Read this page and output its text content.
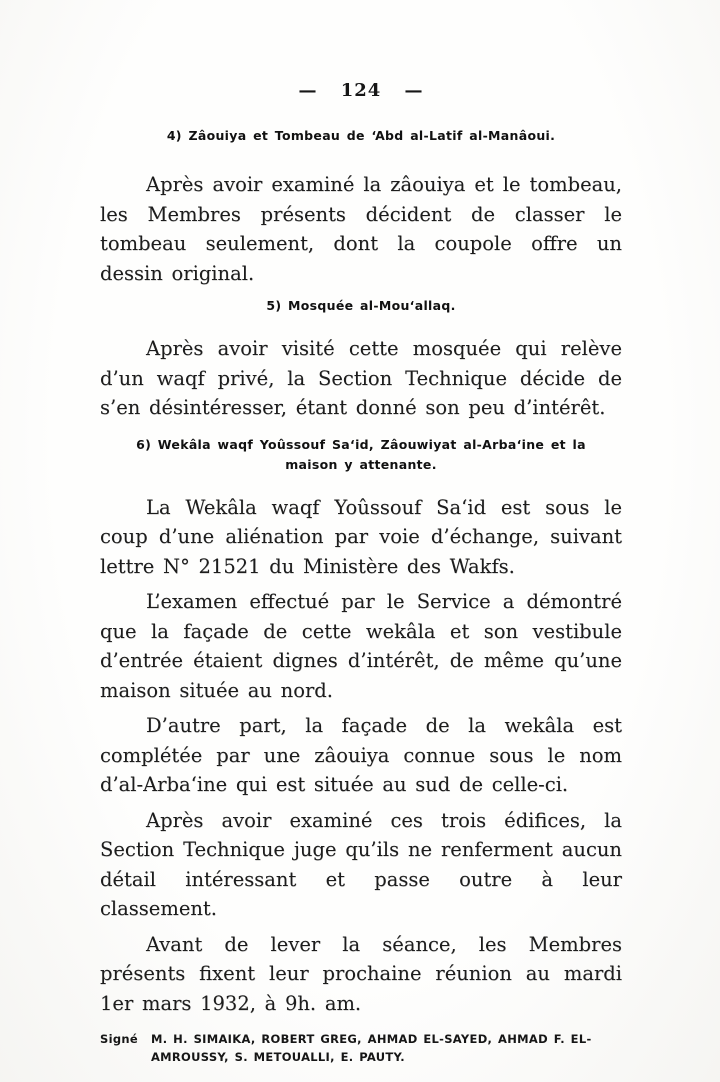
— 124 —
4) Zâouiya et Tombeau de ‘Abd al-Latif al-Manâoui.

Après avoir examiné la zâouiya et le tombeau, les Membres présents décident de classer le tombeau seulement, dont la coupole offre un dessin original.

5) Mosquée al-Mou‘allaq.

Après avoir visité cette mosquée qui relève d’un waqf privé, la Section Technique décide de s’en désintéresser, étant donné son peu d’intérêt.

6) Wekâla waqf Yoûssouf Sa‘id, Zâouwiyat al-Arba‘ine et la maison y attenante.

La Wekâla waqf Yoûssouf Sa‘id est sous le coup d’une aliénation par voie d’échange, suivant lettre N° 21521 du Ministère des Wakfs.

L’examen effectué par le Service a démontré que la façade de cette wekâla et son vestibule d’entrée étaient dignes d’intérêt, de même qu’une maison située au nord.

D’autre part, la façade de la wekâla est complétée par une zâouiya connue sous le nom d’al-Arba‘ine qui est située au sud de celle-ci.

Après avoir examiné ces trois édifices, la Section Technique juge qu’ils ne renferment aucun détail intéressant et passe outre à leur classement.

Avant de lever la séance, les Membres présents fixent leur prochaine réunion au mardi 1er mars 1932, à 9h. am.

Signé M. H. SIMAIKA, ROBERT GREG, AHMAD EL-SAYED, AHMAD F. EL-AMROUSSY, S. METOUALLI, E. PAUTY.
